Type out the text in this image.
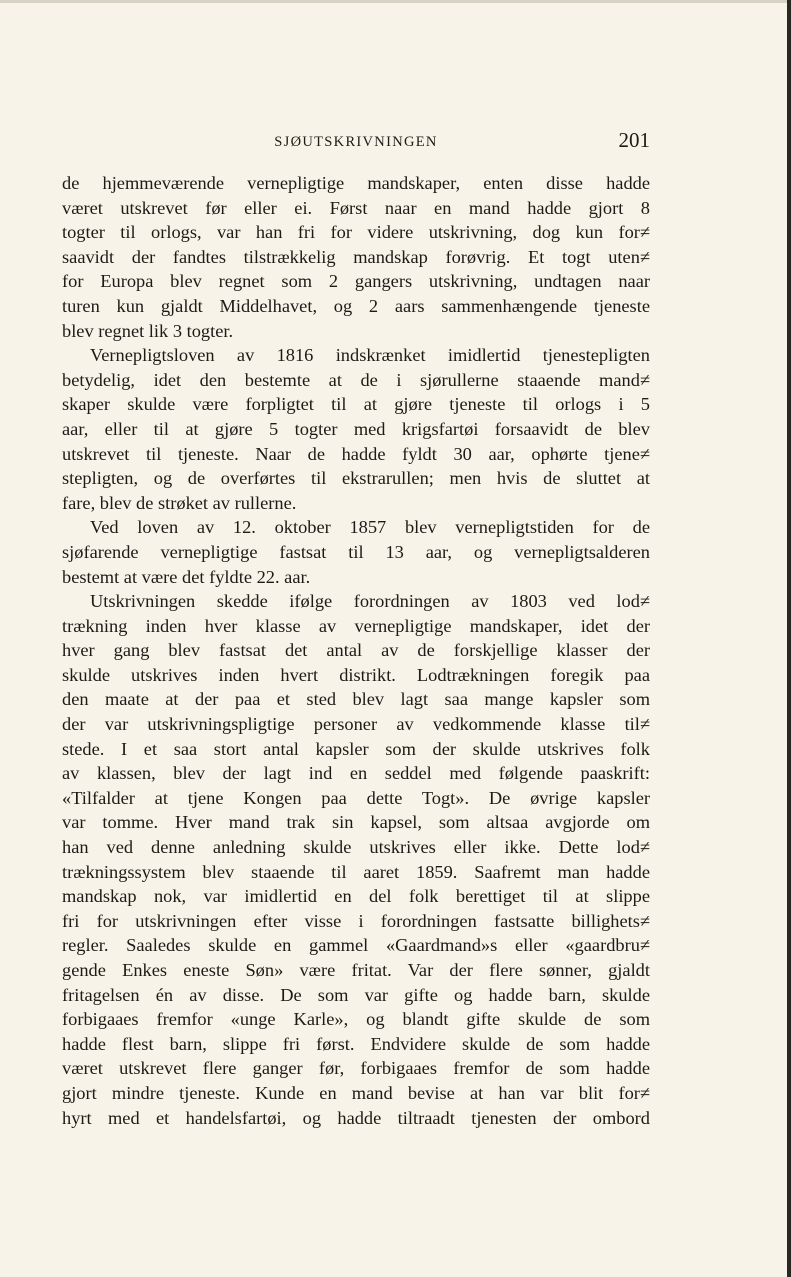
SJØUTSKRIVNINGEN	201
de hjemmeværende vernepligtige mandskaper, enten disse hadde
været utskrevet før eller ei. Først naar en mand hadde gjort 8
togter til orlogs, var han fri for videre utskrivning, dog kun for≠
saavidt der fandtes tilstrækkelig mandskap forøvrig. Et togt uten≠
for Europa blev regnet som 2 gangers utskrivning, undtagen naar
turen kun gjaldt Middelhavet, og 2 aars sammenhængende tjeneste
blev regnet lik 3 togter.
Vernepligtsloven av 1816 indskrænket imidlertid tjenestepligten
betydelig, idet den bestemte at de i sjørullerne staaende mand≠
skaper skulde være forpligtet til at gjøre tjeneste til orlogs i 5
aar, eller til at gjøre 5 togter med krigsfartøi forsaavidt de blev
utskrevet til tjeneste. Naar de hadde fyldt 30 aar, ophørte tjene≠
stepligten, og de overførtes til ekstrarullen; men hvis de sluttet at
fare, blev de strøket av rullerne.
Ved loven av 12. oktober 1857 blev vernepligtstiden for de
sjøfarende vernepligtige fastsat til 13 aar, og vernepligtsalderen
bestemt at være det fyldte 22. aar.
Utskrivningen skedde ifølge forordningen av 1803 ved lod≠
trækning inden hver klasse av vernepligtige mandskaper, idet der
hver gang blev fastsat det antal av de forskjellige klasser der
skulde utskrives inden hvert distrikt. Lodtrækningen foregik paa
den maate at der paa et sted blev lagt saa mange kapsler som
der var utskrivningspligtige personer av vedkommende klasse til≠
stede. I et saa stort antal kapsler som der skulde utskrives folk
av klassen, blev der lagt ind en seddel med følgende paaskrift:
«Tilfalder at tjene Kongen paa dette Togt». De øvrige kapsler
var tomme. Hver mand trak sin kapsel, som altsaa avgjorde om
han ved denne anledning skulde utskrives eller ikke. Dette lod≠
trækningssystem blev staaende til aaret 1859. Saafremt man hadde
mandskap nok, var imidlertid en del folk berettiget til at slippe
fri for utskrivningen efter visse i forordningen fastsatte billighets≠
regler. Saaledes skulde en gammel «Gaardmand»s eller «gaardbru≠
gende Enkes eneste Søn» være fritat. Var der flere sønner, gjaldt
fritagelsen én av disse. De som var gifte og hadde barn, skulde
forbigaaes fremfor «unge Karle», og blandt gifte skulde de som
hadde flest barn, slippe fri først. Endvidere skulde de som hadde
været utskrevet flere ganger før, forbigaaes fremfor de som hadde
gjort mindre tjeneste. Kunde en mand bevise at han var blit for≠
hyrt med et handelsfartøi, og hadde tiltraadt tjenesten der ombord
